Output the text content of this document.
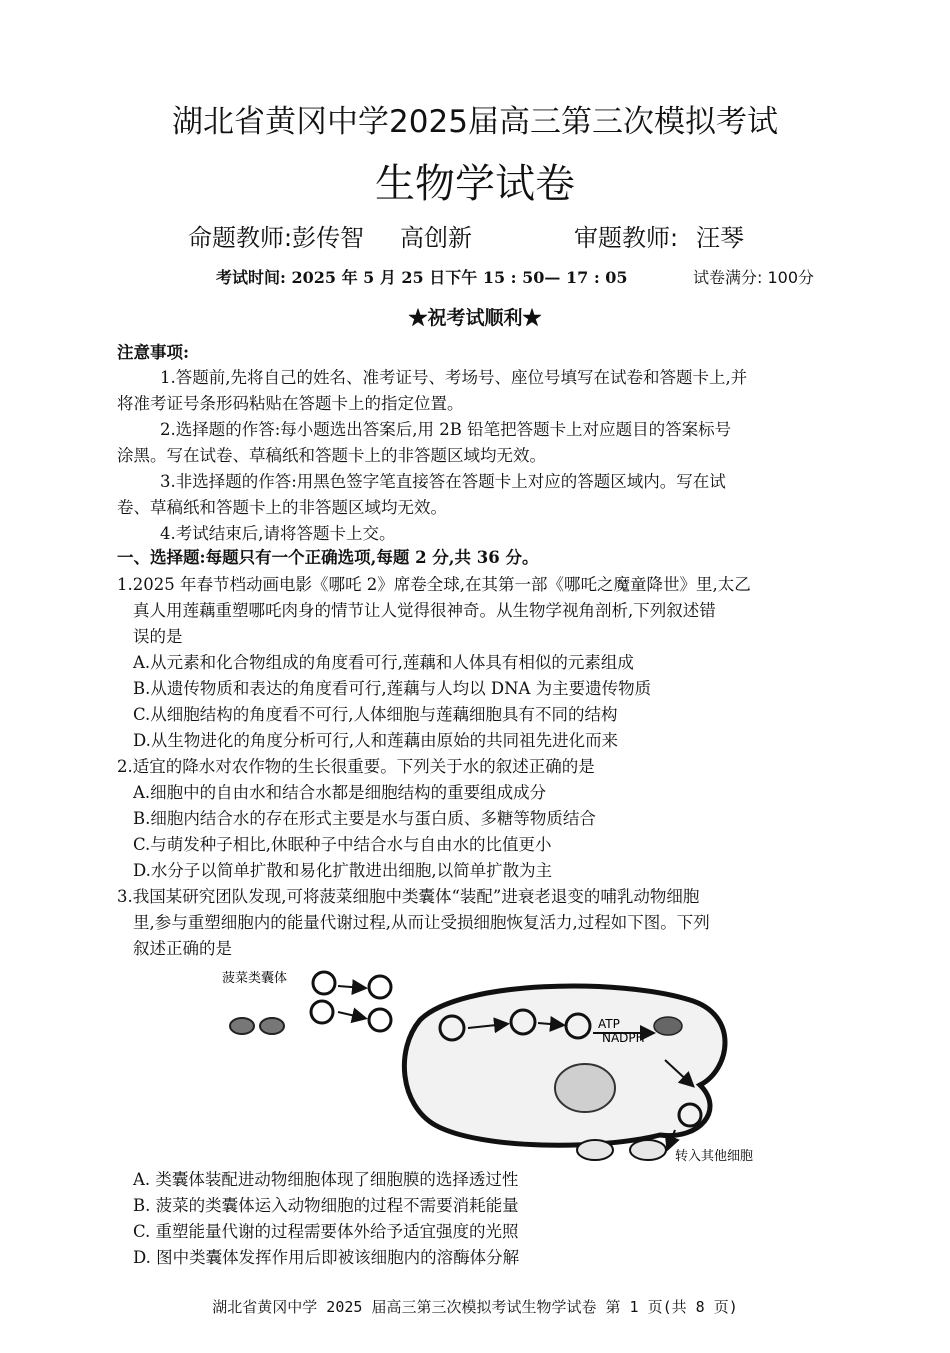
湖北省黄冈中学2025届高三第三次模拟考试
生物学试卷
命题教师:彭传智 高创新	审题教师: 汪琴
考试时间: 2025 年 5 月 25 日下午 15 : 50— 17 : 05	试卷满分: 100分
★祝考试顺利★
注意事项:
1.答题前,先将自己的姓名、准考证号、考场号、座位号填写在试卷和答题卡上,并
将准考证号条形码粘贴在答题卡上的指定位置。
2.选择题的作答:每小题选出答案后,用 2B 铅笔把答题卡上对应题目的答案标号
涂黑。写在试卷、草稿纸和答题卡上的非答题区域均无效。
3.非选择题的作答:用黑色签字笔直接答在答题卡上对应的答题区域内。写在试
卷、草稿纸和答题卡上的非答题区域均无效。
4.考试结束后,请将答题卡上交。
一、选择题:每题只有一个正确选项,每题 2 分,共 36 分。
1.2025 年春节档动画电影《哪吒 2》席卷全球,在其第一部《哪吒之魔童降世》里,太乙
真人用莲藕重塑哪吒肉身的情节让人觉得很神奇。从生物学视角剖析,下列叙述错
误的是
A.从元素和化合物组成的角度看可行,莲藕和人体具有相似的元素组成
B.从遗传物质和表达的角度看可行,莲藕与人均以 DNA 为主要遗传物质
C.从细胞结构的角度看不可行,人体细胞与莲藕细胞具有不同的结构
D.从生物进化的角度分析可行,人和莲藕由原始的共同祖先进化而来
2.适宜的降水对农作物的生长很重要。下列关于水的叙述正确的是
A.细胞中的自由水和结合水都是细胞结构的重要组成成分
B.细胞内结合水的存在形式主要是水与蛋白质、多糖等物质结合
C.与萌发种子相比,休眠种子中结合水与自由水的比值更小
D.水分子以简单扩散和易化扩散进出细胞,以简单扩散为主
3.我国某研究团队发现,可将菠菜细胞中类囊体“装配”进衰老退变的哺乳动物细胞
里,参与重塑细胞内的能量代谢过程,从而让受损细胞恢复活力,过程如下图。下列
叙述正确的是
ATP
NADPH
菠菜类囊体
转入其他细胞
A. 类囊体装配进动物细胞体现了细胞膜的选择透过性
B. 菠菜的类囊体运入动物细胞的过程不需要消耗能量
C. 重塑能量代谢的过程需要体外给予适宜强度的光照
D. 图中类囊体发挥作用后即被该细胞内的溶酶体分解
湖北省黄冈中学 2025 届高三第三次模拟考试生物学试卷 第 1 页(共 8 页)
